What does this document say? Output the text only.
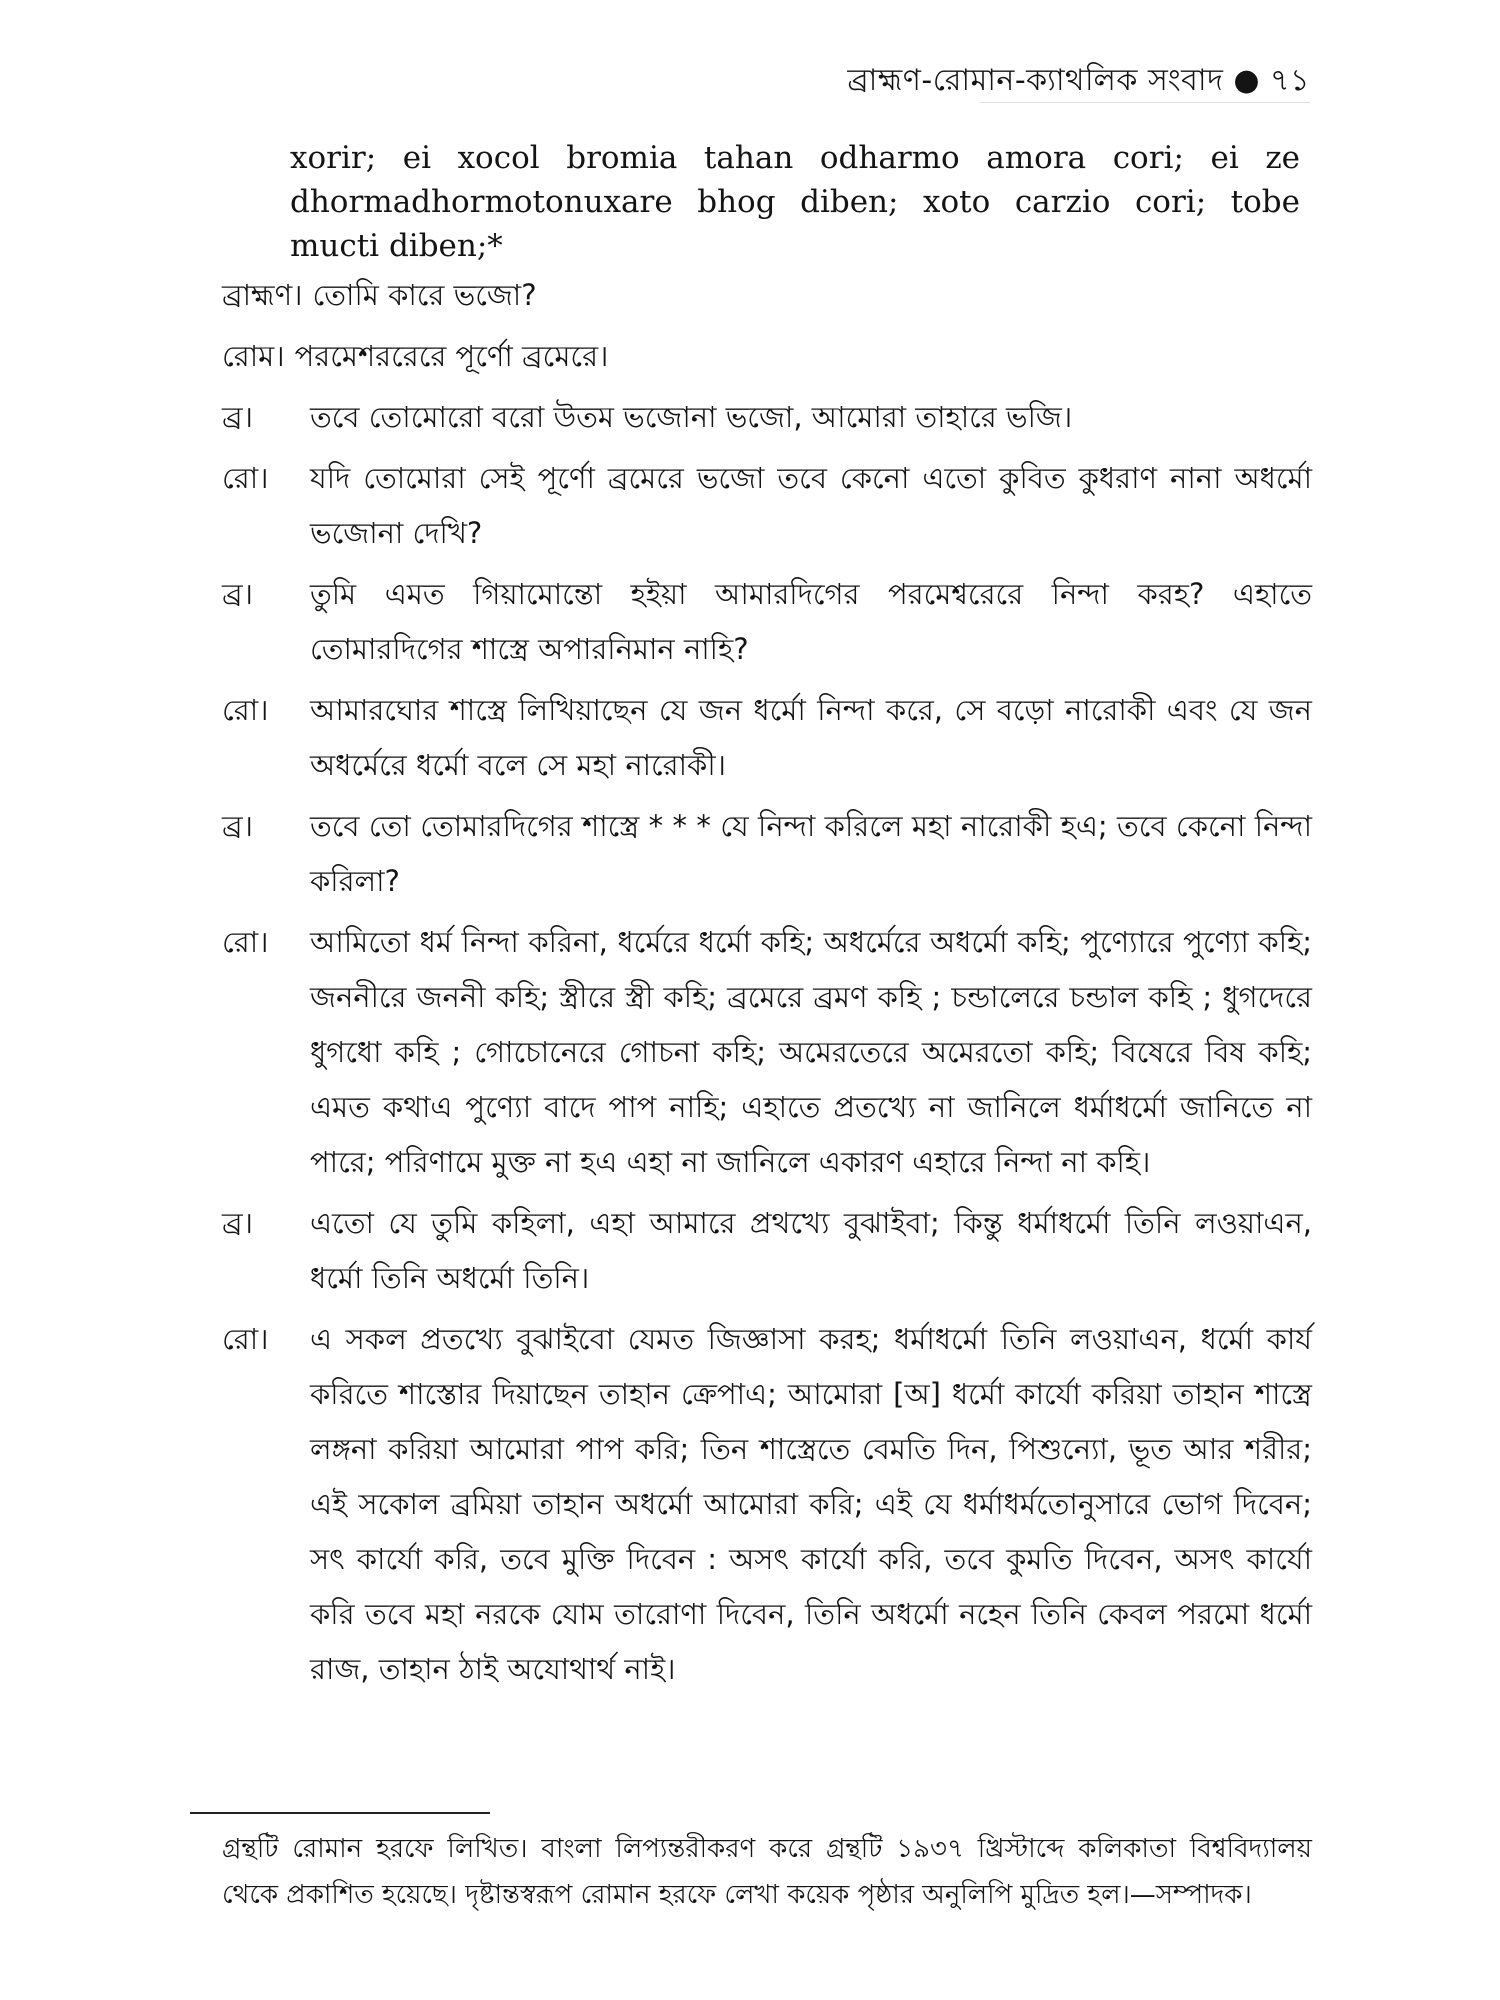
ব্রাহ্মণ-রোমান-ক্যাথলিক সংবাদ ● ৭১
xorir; ei xocol bromia tahan odharmo amora cori; ei ze dhormadhormotonuxare bhog diben; xoto carzio cori; tobe mucti diben;*
ব্রাহ্মণ। তোমি কারে ভজো?
রোম। পরমেশররেরে পূর্ণো ব্রমেরে।
ব্র।	তবে তোমোরো বরো উতম ভজোনা ভজো, আমোরা তাহারে ভজি।
রো।	যদি তোমোরা সেই পূর্ণো ব্রমেরে ভজো তবে কেনো এতো কুবিত কুধরাণ নানা অধর্মো ভজোনা দেখি?
ব্র।	তুমি এমত গিয়ামোন্তো হইয়া আমারদিগের পরমেশ্বরেরে নিন্দা করহ? এহাতে তোমারদিগের শাস্ত্রে অপারনিমান নাহি?
রো।	আমারঘোর শাস্ত্রে লিখিয়াছেন যে জন ধর্মো নিন্দা করে, সে বড়ো নারোকী এবং যে জন অধর্মেরে ধর্মো বলে সে মহা নারোকী।
ব্র।	তবে তো তোমারদিগের শাস্ত্রে * * * যে নিন্দা করিলে মহা নারোকী হএ; তবে কেনো নিন্দা করিলা?
রো।	আমিতো ধর্ম নিন্দা করিনা, ধর্মেরে ধর্মো কহি; অধর্মেরে অধর্মো কহি; পুণ্যোরে পুণ্যো কহি; জননীরে জননী কহি; স্ত্রীরে স্ত্রী কহি; ব্রমেরে ব্রমণ কহি ; চন্ডালেরে চন্ডাল কহি ; ধুগদেরে ধুগধো কহি ; গোচোনেরে গোচনা কহি; অমেরতেরে অমেরতো কহি; বিষেরে বিষ কহি; এমত কথাএ পুণ্যো বাদে পাপ নাহি; এহাতে প্রতখ্যে না জানিলে ধর্মাধর্মো জানিতে না পারে; পরিণামে মুক্ত না হএ এহা না জানিলে একারণ এহারে নিন্দা না কহি।
ব্র।	এতো যে তুমি কহিলা, এহা আমারে প্রথখ্যে বুঝাইবা; কিন্তু ধর্মাধর্মো তিনি লওয়াএন, ধর্মো তিনি অধর্মো তিনি।
রো।	এ সকল প্রতখ্যে বুঝাইবো যেমত জিজ্ঞাসা করহ; ধর্মাধর্মো তিনি লওয়াএন, ধর্মো কার্য করিতে শাস্তোর দিয়াছেন তাহান ক্রেপাএ; আমোরা [অ] ধর্মো কার্যো করিয়া তাহান শাস্ত্রে লঙ্গনা করিয়া আমোরা পাপ করি; তিন শাস্ত্রেতে বেমতি দিন, পিশুন্যো, ভূত আর শরীর; এই সকোল ব্রমিয়া তাহান অধর্মো আমোরা করি; এই যে ধর্মাধর্মতোনুসারে ভোগ দিবেন; সৎ কার্যো করি, তবে মুক্তি দিবেন : অসৎ কার্যো করি, তবে কুমতি দিবেন, অসৎ কার্যো করি তবে মহা নরকে যোম তারোণা দিবেন, তিনি অধর্মো নহেন তিনি কেবল পরমো ধর্মো রাজ, তাহান ঠাই অযোথার্থ নাই।
গ্রন্থটি রোমান হরফে লিখিত। বাংলা লিপ্যন্তরীকরণ করে গ্রন্থটি ১৯৩৭ খ্রিস্টাব্দে কলিকাতা বিশ্ববিদ্যালয় থেকে প্রকাশিত হয়েছে। দৃষ্টান্তস্বরূপ রোমান হরফে লেখা কয়েক পৃষ্ঠার অনুলিপি মুদ্রিত হল।—সম্পাদক।
